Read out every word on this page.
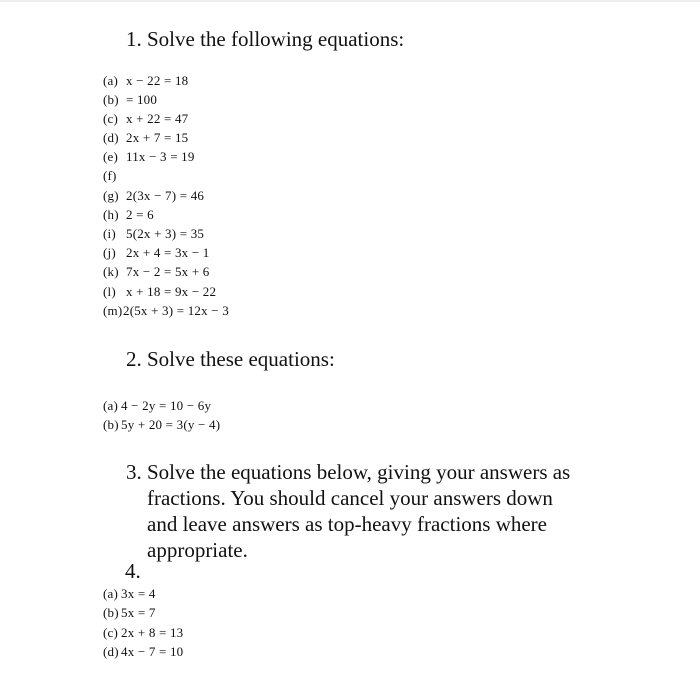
1. Solve the following equations:
(a) x − 22 = 18
(b) = 100
(c) x + 22 = 47
(d) 2x + 7 = 15
(e) 11x − 3 = 19
(f)
(g) 2(3x − 7) = 46
(h) 2 = 6
(i) 5(2x + 3) = 35
(j) 2x + 4 = 3x − 1
(k) 7x − 2 = 5x + 6
(l) x + 18 = 9x − 22
(m)2(5x + 3) = 12x − 3
2. Solve these equations:
(a) 4 − 2y = 10 − 6y
(b) 5y + 20 = 3(y − 4)
3. Solve the equations below, giving your answers as
fractions. You should cancel your answers down
and leave answers as top-heavy fractions where
appropriate.
4.
(a) 3x = 4
(b) 5x = 7
(c) 2x + 8 = 13
(d) 4x − 7 = 10
